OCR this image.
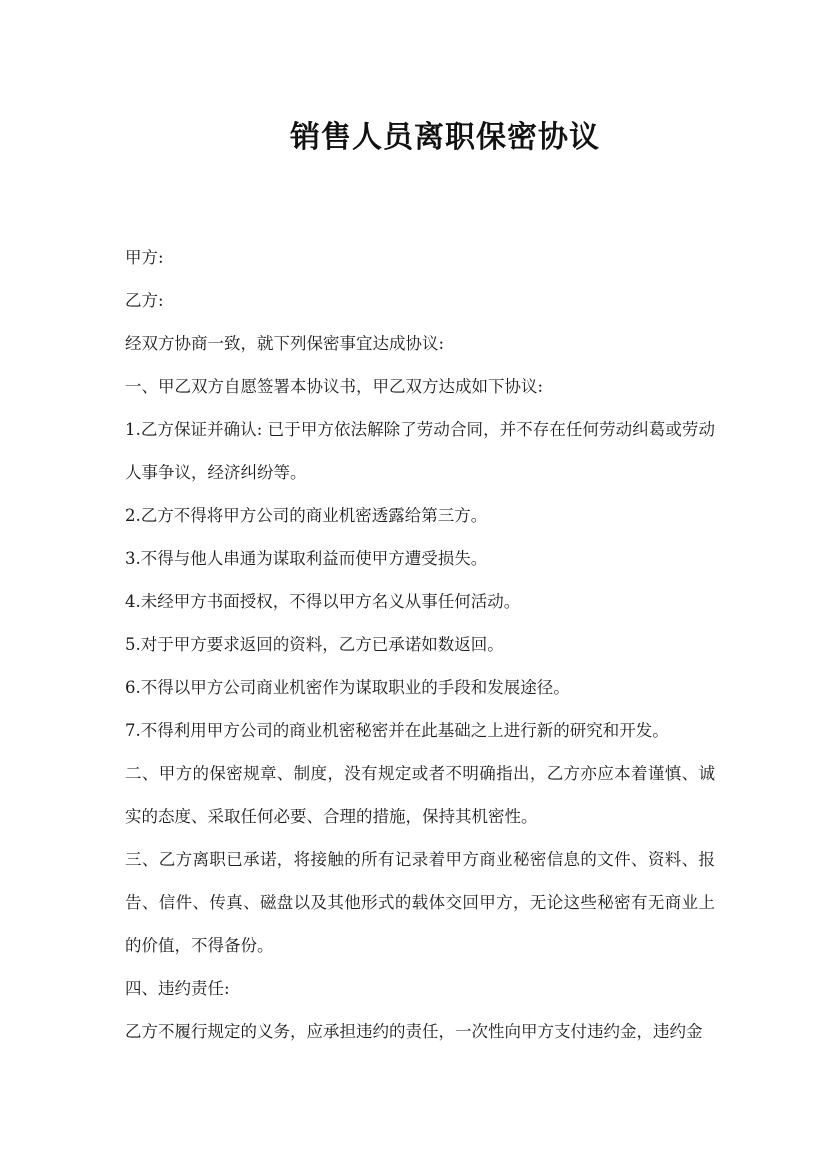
销售人员离职保密协议

甲方:

乙方:

经双方协商一致，就下列保密事宜达成协议:

一、甲乙双方自愿签署本协议书，甲乙双方达成如下协议:

1.乙方保证并确认: 已于甲方依法解除了劳动合同，并不存在任何劳动纠葛或劳动人事争议，经济纠纷等。

2.乙方不得将甲方公司的商业机密透露给第三方。

3.不得与他人串通为谋取利益而使甲方遭受损失。

4.未经甲方书面授权，不得以甲方名义从事任何活动。

5.对于甲方要求返回的资料，乙方已承诺如数返回。

6.不得以甲方公司商业机密作为谋取职业的手段和发展途径。

7.不得利用甲方公司的商业机密秘密并在此基础之上进行新的研究和开发。

二、甲方的保密规章、制度，没有规定或者不明确指出，乙方亦应本着谨慎、诚实的态度、采取任何必要、合理的措施，保持其机密性。

三、乙方离职已承诺，将接触的所有记录着甲方商业秘密信息的文件、资料、报告、信件、传真、磁盘以及其他形式的载体交回甲方，无论这些秘密有无商业上的价值，不得备份。

四、违约责任:

乙方不履行规定的义务，应承担违约的责任，一次性向甲方支付违约金，违约金
